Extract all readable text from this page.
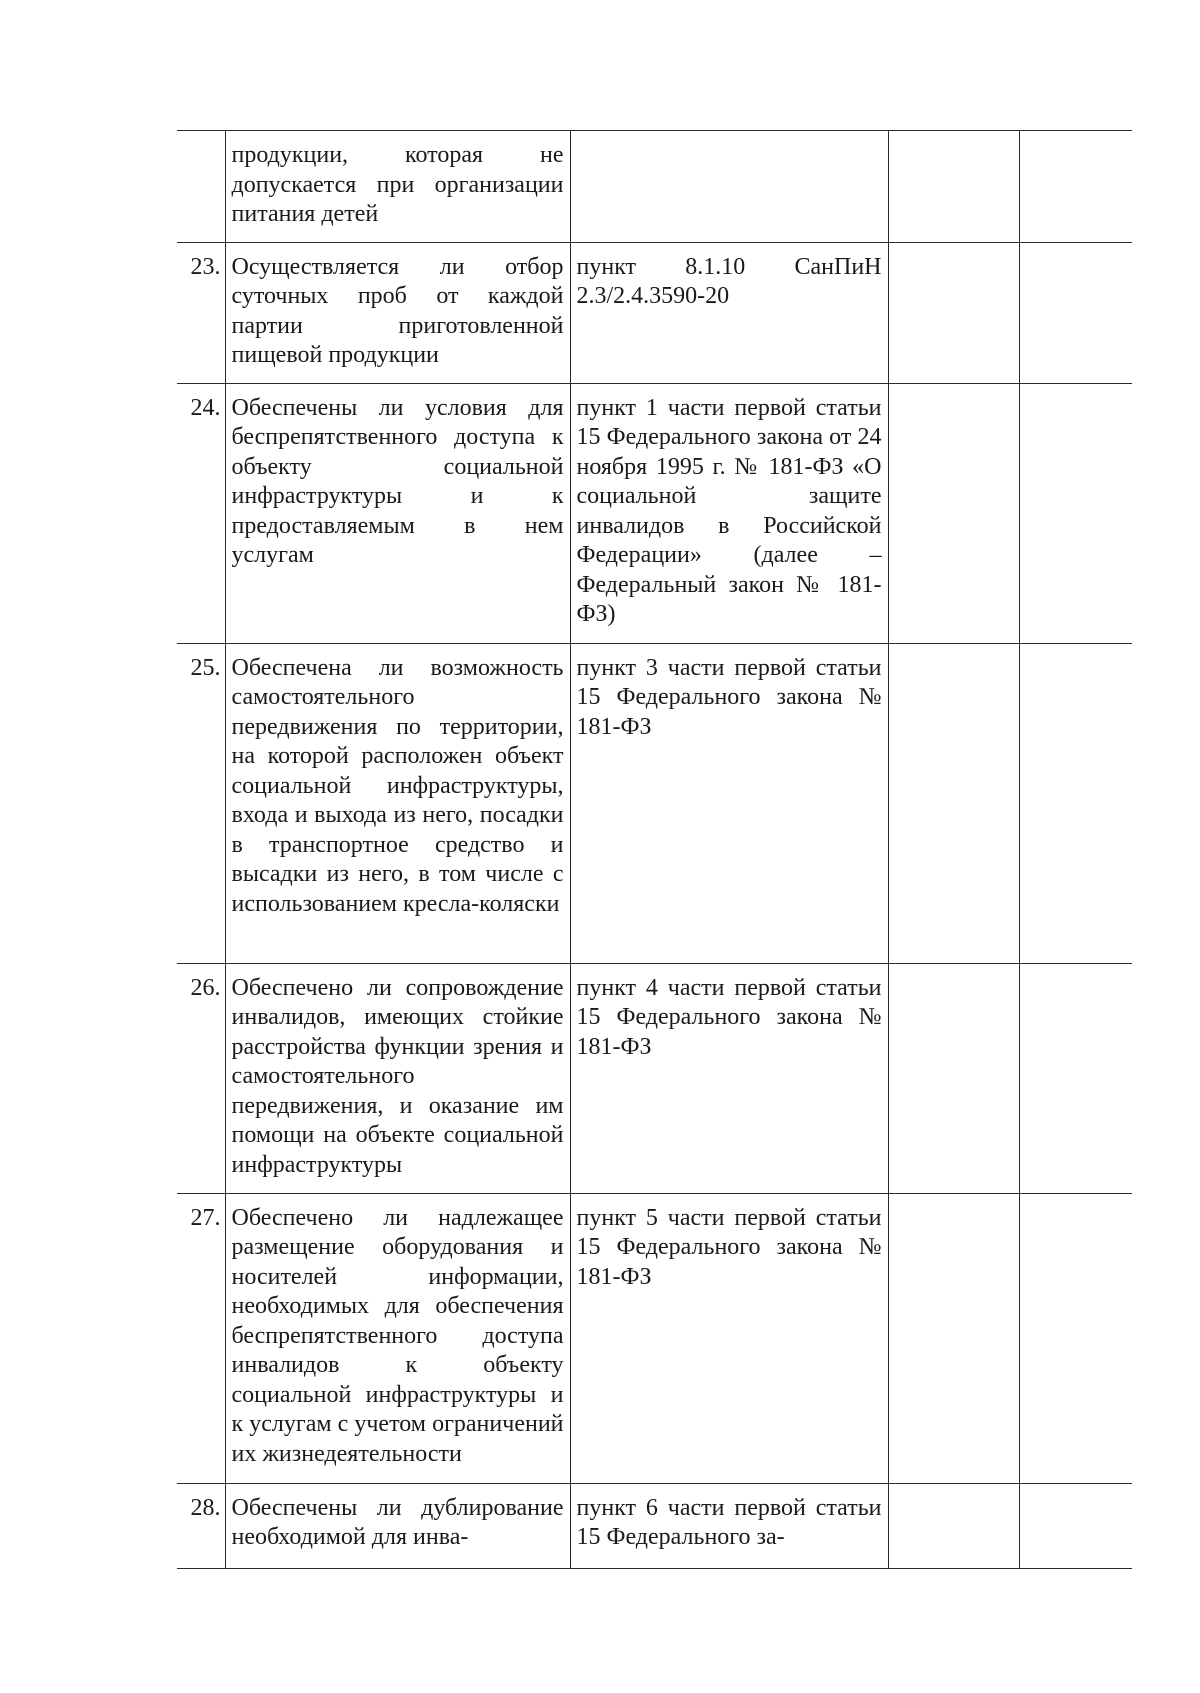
	продукции, которая не допускается при организации питания детей			
23.	Осуществляется ли отбор суточных проб от каждой партии приготовленной пищевой продукции	пункт 8.1.10 СанПиН 2.3/2.4.3590-20		
24.	Обеспечены ли условия для беспрепятственного доступа к объекту социальной инфраструктуры и к предоставляемым в нем услугам	пункт 1 части первой статьи 15 Федерального закона от 24 ноября 1995 г. № 181-ФЗ «О социальной защите инвалидов в Российской Федерации» (далее – Федеральный закон № 181-ФЗ)		
25.	Обеспечена ли возможность самостоятельного передвижения по территории, на которой расположен объект социальной инфраструктуры, входа и выхода из него, посадки в транспортное средство и высадки из него, в том числе с использованием кресла-коляски	пункт 3 части первой статьи 15 Федерального закона № 181-ФЗ		
26.	Обеспечено ли сопровождение инвалидов, имеющих стойкие расстройства функции зрения и самостоятельного передвижения, и оказание им помощи на объекте социальной инфраструктуры	пункт 4 части первой статьи 15 Федерального закона № 181-ФЗ		
27.	Обеспечено ли надлежащее размещение оборудования и носителей информации, необходимых для обеспечения беспрепятственного доступа инвалидов к объекту социальной инфраструктуры и к услугам с учетом ограничений их жизнедеятельности	пункт 5 части первой статьи 15 Федерального закона № 181-ФЗ		
28.	Обеспечены ли дублирование необходимой для инва-	пункт 6 части первой статьи 15 Федерального за-		
